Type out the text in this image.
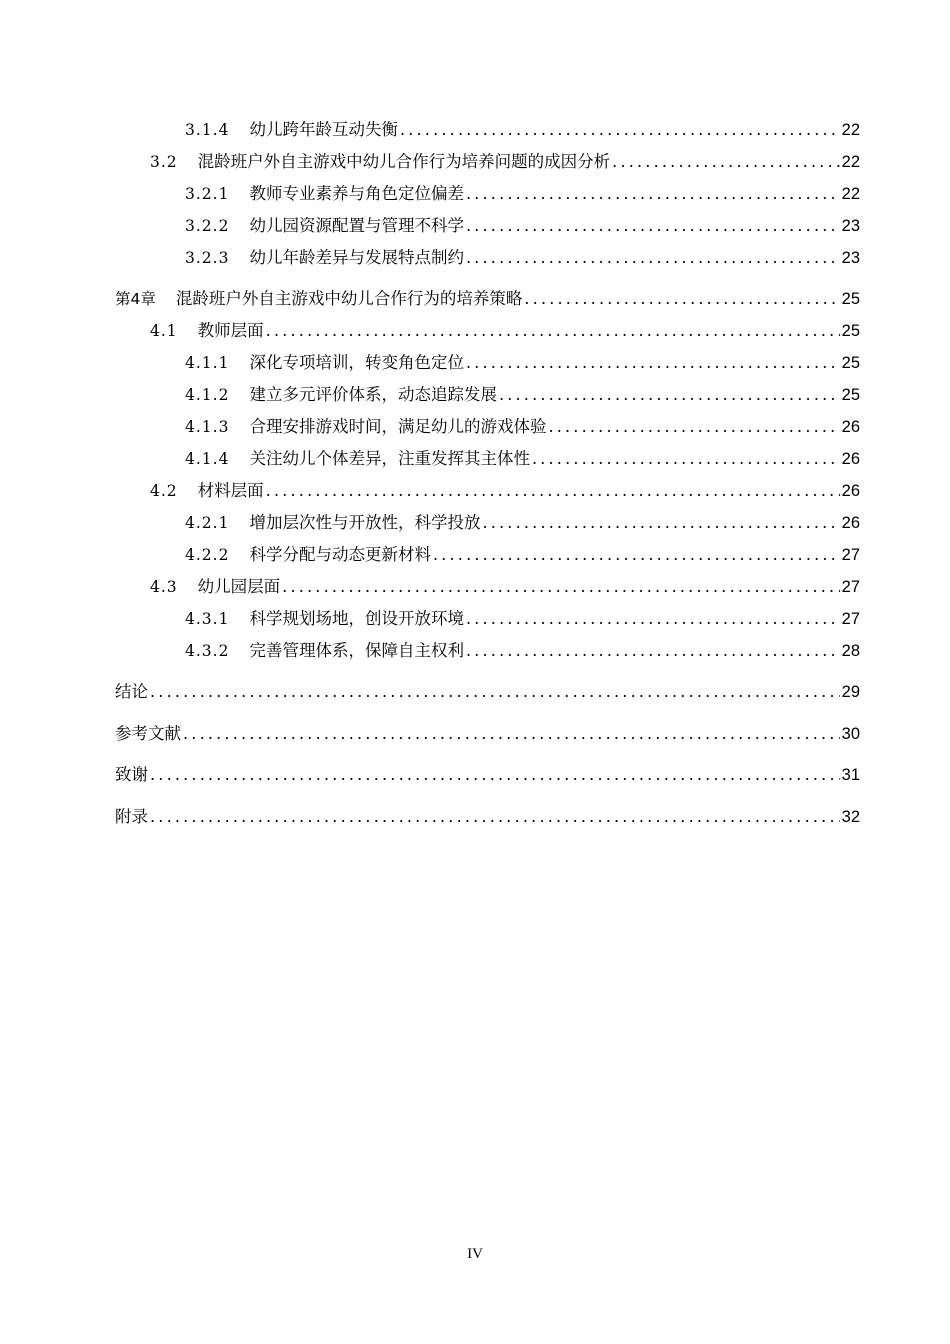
3.1.4 幼儿跨年龄互动失衡 .....	22
3.2 混龄班户外自主游戏中幼儿合作行为培养问题的成因分析 .....	22
3.2.1 教师专业素养与角色定位偏差 .....	22
3.2.2 幼儿园资源配置与管理不科学 .....	23
3.2.3 幼儿年龄差异与发展特点制约 .....	23
第4章 混龄班户外自主游戏中幼儿合作行为的培养策略 .....	25
4.1 教师层面 .....	25
4.1.1 深化专项培训，转变角色定位 .....	25
4.1.2 建立多元评价体系，动态追踪发展 .....	25
4.1.3 合理安排游戏时间，满足幼儿的游戏体验 .....	26
4.1.4 关注幼儿个体差异，注重发挥其主体性 .....	26
4.2 材料层面 .....	26
4.2.1 增加层次性与开放性，科学投放 .....	26
4.2.2 科学分配与动态更新材料 .....	27
4.3 幼儿园层面 .....	27
4.3.1 科学规划场地，创设开放环境 .....	27
4.3.2 完善管理体系，保障自主权利 .....	28
结论 .....	29
参考文献 .....	30
致谢 .....	31
附录 .....	32
IV
